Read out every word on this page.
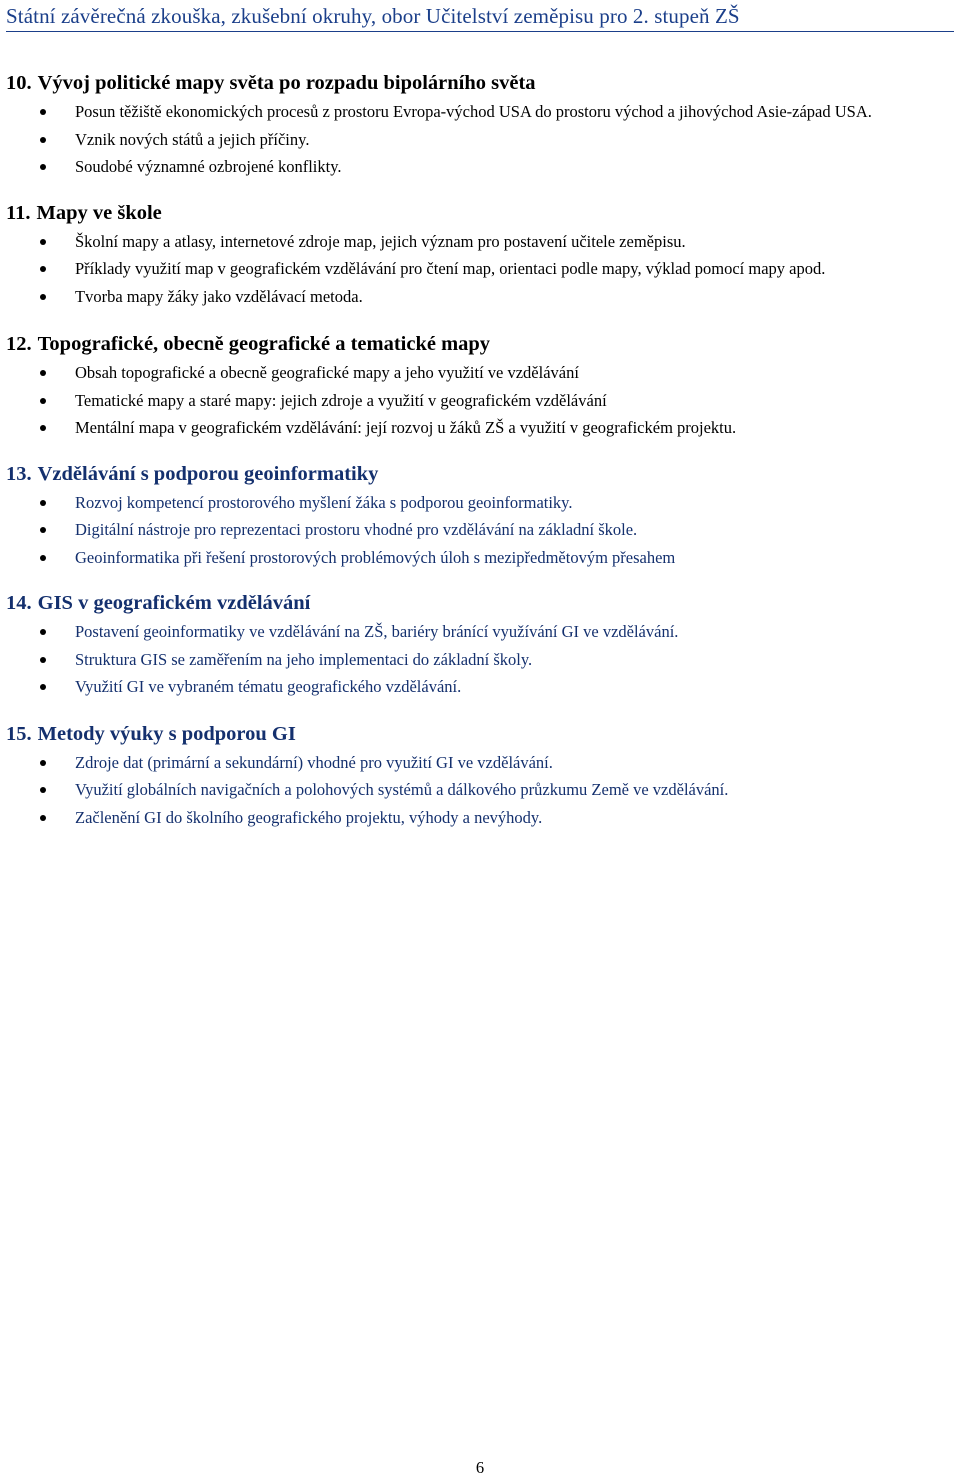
Státní závěrečná zkouška, zkušební okruhy, obor Učitelství zeměpisu pro 2. stupeň ZŠ
10. Vývoj politické mapy světa po rozpadu bipolárního světa
Posun těžiště ekonomických procesů z prostoru Evropa-východ USA do prostoru východ a jihovýchod Asie-západ USA.
Vznik nových států a jejich příčiny.
Soudobé významné ozbrojené konflikty.
11. Mapy ve škole
Školní mapy a atlasy, internetové zdroje map, jejich význam pro postavení učitele zeměpisu.
Příklady využití map v geografickém vzdělávání pro čtení map, orientaci podle mapy, výklad pomocí mapy apod.
Tvorba mapy žáky jako vzdělávací metoda.
12. Topografické, obecně geografické a tematické mapy
Obsah topografické a obecně geografické mapy a jeho využití ve vzdělávání
Tematické mapy a staré mapy: jejich zdroje a využití v geografickém vzdělávání
Mentální mapa v geografickém vzdělávání: její rozvoj u žáků ZŠ a využití v geografickém projektu.
13. Vzdělávání s podporou geoinformatiky
Rozvoj kompetencí prostorového myšlení žáka s podporou geoinformatiky.
Digitální nástroje pro reprezentaci prostoru vhodné pro vzdělávání na základní škole.
Geoinformatika při řešení prostorových problémových úloh s mezipředmětovým přesahem
14. GIS v geografickém vzdělávání
Postavení geoinformatiky ve vzdělávání na ZŠ, bariéry bránící využívání GI ve vzdělávání.
Struktura GIS se zaměřením na jeho implementaci do základní školy.
Využití GI ve vybraném tématu geografického vzdělávání.
15. Metody výuky s podporou GI
Zdroje dat (primární a sekundární) vhodné pro využití GI ve vzdělávání.
Využití globálních navigačních a polohových systémů a dálkového průzkumu Země ve vzdělávání.
Začlenění GI do školního geografického projektu, výhody a nevýhody.
6
